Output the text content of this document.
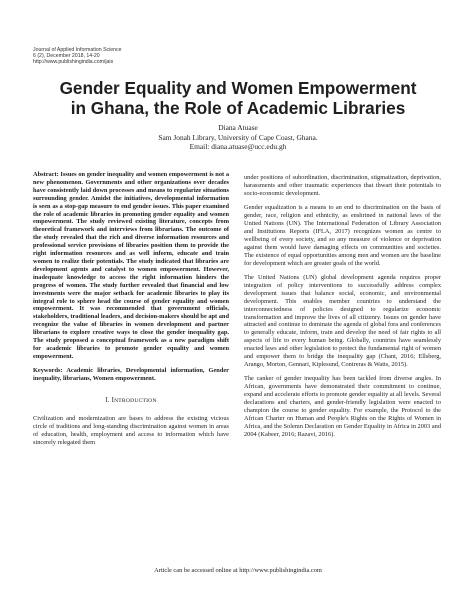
Journal of Applied Information Science
6 (2), December 2018, 14-20
http://www.publishingindia.com/jais
Gender Equality and Women Empowerment
in Ghana, the Role of Academic Libraries
Diana Atuase
Sam Jonah Library, University of Cape Coast, Ghana.
Email: diana.atuase@ucc.edu.gh

Abstract: Issues on gender inequality and women empowerment is not a new phenomenon. Governments and other organizations over decades have consistently laid down processes and means to regularize situations surrounding gender. Amidst the initiatives, developmental information is seen as a stop-gap measure to end gender issues. This paper examined the role of academic libraries in promoting gender equality and women empowerment. The study reviewed existing literature, concepts from theoretical framework and interviews from librarians. The outcome of the study revealed that the rich and diverse information resources and professional service provisions of libraries position them to provide the right information resources and as well inform, educate and train women to realize their potentials. The study indicated that libraries are development agents and catalyst to women empowerment. However, inadequate knowledge to access the right information hinders the progress of women. The study further revealed that financial and low investments were the major setback for academic libraries to play its integral role to sphere head the course of gender equality and women empowerment. It was recommended that government officials, stakeholders, traditional leaders, and decision-makers should be apt and recognize the value of libraries in women development and partner librarians to explore creative ways to close the gender inequality gap. The study proposed a conceptual framework as a new paradigm shift for academic libraries to promote gender equality and women empowerment.

Keywords: Academic libraries, Developmental information, Gender inequality, librarians, Women empowerment.

I. INTRODUCTION

Civilization and modernization are bases to address the existing vicious circle of traditions and long-standing discrimination against women in areas of education, health, employment and access to information which have sincerely relegated them

under positions of subordination, discrimination, stigmatization, deprivation, harassments and other traumatic experiences that thwart their potentials to socio-economic development.

Gender equalization is a means to an end to discrimination on the basis of gender, race, religion and ethnicity, as enshrined in national laws of the United Nations (UN). The International Federation of Library Association and Institutions Reports (IFLA, 2017) recognizes women as centre to wellbeing of every society, and so any measure of violence or deprivation against them would have damaging effects on communities and societies. The existence of equal opportunities among men and women are the baseline for development which are greater goals of the world.

The United Nations (UN) global development agenda requires proper integration of policy interventions to successfully address complex development issues that balance social, economic, and environmental development. This enables member countries to understand the interconnectedness of policies designed to regularize economic transformation and improve the lives of all citizenry. Issues on gender have attracted and continue to dominate the agenda of global fora and conferences to generally educate, inform, train and develop the need of fair rights to all aspects of life to every human being. Globally, countries have seamlessly enacted laws and other legislation to protect the fundamental right of women and empower them to bridge the inequality gap (Chant, 2016; Ellsberg, Arango, Morton, Gennari, Kiplesund, Contreras & Watts, 2015).

The canker of gender inequality has been tackled from diverse angles. In African, governments have demonstrated their commitment to continue, expand and accelerate efforts to promote gender equality at all levels. Several declarations and charters, and gender-friendly legislation were enacted to champion the course to gender equality. For example, the Protocol to the African Charter on Human and People's Rights on the Rights of Women in Africa, and the Solemn Declaration on Gender Equality in Africa in 2003 and 2004 (Kabeer, 2016; Razavi, 2016).

Article can be accessed online at http://www.publishingindia.com
